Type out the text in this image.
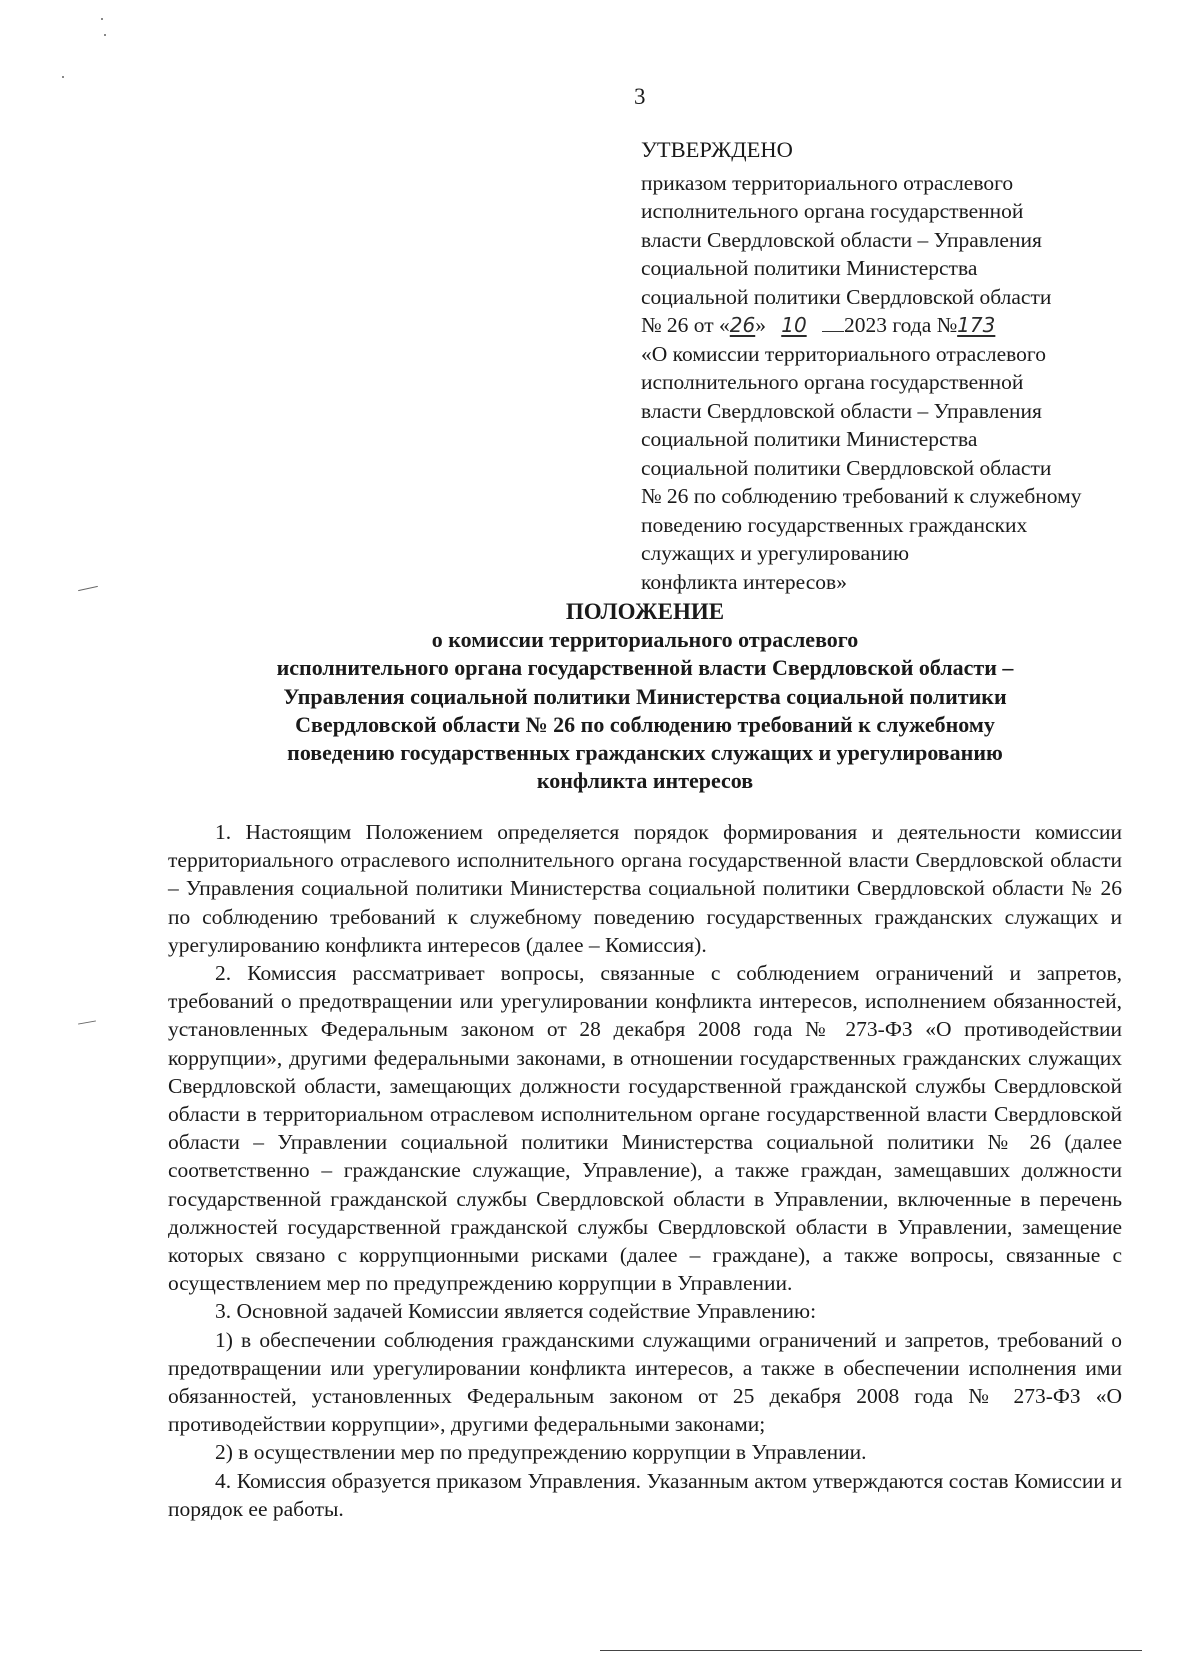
3
УТВЕРЖДЕНО
приказом территориального отраслевого
исполнительного органа государственной
власти Свердловской области – Управления
социальной политики Министерства
социальной политики Свердловской области
№ 26 от «26» 10 2023 года №173
«О комиссии территориального отраслевого
исполнительного органа государственной
власти Свердловской области – Управления
социальной политики Министерства
социальной политики Свердловской области
№ 26 по соблюдению требований к служебному
поведению государственных гражданских
служащих и урегулированию
конфликта интересов»
ПОЛОЖЕНИЕ
о комиссии территориального отраслевого
исполнительного органа государственной власти Свердловской области –
Управления социальной политики Министерства социальной политики
Свердловской области № 26 по соблюдению требований к служебному
поведению государственных гражданских служащих и урегулированию
конфликта интересов

1. Настоящим Положением определяется порядок формирования и деятельности комиссии территориального отраслевого исполнительного органа государственной власти Свердловской области – Управления социальной политики Министерства социальной политики Свердловской области № 26 по соблюдению требований к служебному поведению государственных гражданских служащих и урегулированию конфликта интересов (далее – Комиссия).

2. Комиссия рассматривает вопросы, связанные с соблюдением ограничений и запретов, требований о предотвращении или урегулировании конфликта интересов, исполнением обязанностей, установленных Федеральным законом от 28 декабря 2008 года № 273-ФЗ «О противодействии коррупции», другими федеральными законами, в отношении государственных гражданских служащих Свердловской области, замещающих должности государственной гражданской службы Свердловской области в территориальном отраслевом исполнительном органе государственной власти Свердловской области – Управлении социальной политики Министерства социальной политики № 26 (далее соответственно – гражданские служащие, Управление), а также граждан, замещавших должности государственной гражданской службы Свердловской области в Управлении, включенные в перечень должностей государственной гражданской службы Свердловской области в Управлении, замещение которых связано с коррупционными рисками (далее – граждане), а также вопросы, связанные с осуществлением мер по предупреждению коррупции в Управлении.

3. Основной задачей Комиссии является содействие Управлению:

1) в обеспечении соблюдения гражданскими служащими ограничений и запретов, требований о предотвращении или урегулировании конфликта интересов, а также в обеспечении исполнения ими обязанностей, установленных Федеральным законом от 25 декабря 2008 года № 273-ФЗ «О противодействии коррупции», другими федеральными законами;

2) в осуществлении мер по предупреждению коррупции в Управлении.

4. Комиссия образуется приказом Управления. Указанным актом утверждаются состав Комиссии и порядок ее работы.
